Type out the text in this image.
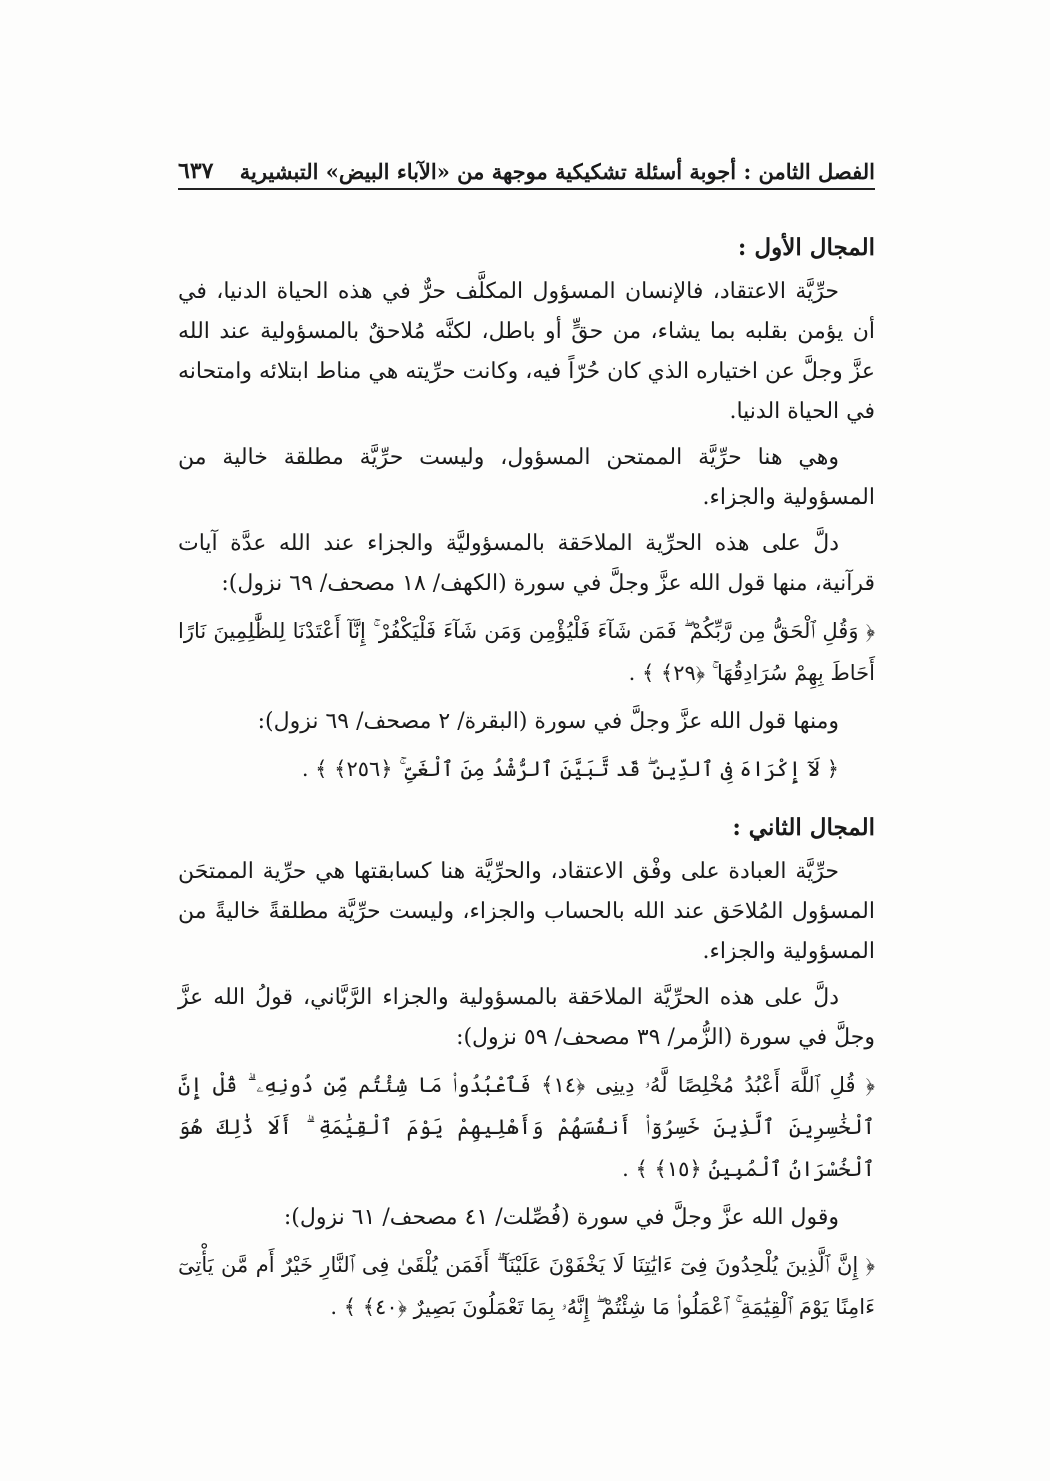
الفصل الثامن : أجوبة أسئلة تشكيكية موجهة من «الآباء البيض» التبشيرية
٦٣٧
المجال الأول :

حرِّيَّة الاعتقاد، فالإنسان المسؤول المكلَّف حرٌّ في هذه الحياة الدنيا، في أن يؤمن بقلبه بما يشاء، من حقٍّ أو باطل، لكنَّه مُلاحقٌ بالمسؤولية عند الله عزَّ وجلَّ عن اختياره الذي كان حُرّاً فيه، وكانت حرِّيته هي مناط ابتلائه وامتحانه في الحياة الدنيا.

وهي هنا حرِّيَّة الممتحن المسؤول، وليست حرِّيَّة مطلقة خالية من المسؤولية والجزاء.

دلَّ على هذه الحرِّية الملاحَقة بالمسؤوليَّة والجزاء عند الله عدَّة آيات قرآنية، منها قول الله عزَّ وجلَّ في سورة (الكهف/ ١٨ مصحف/ ٦٩ نزول):

﴿ وَقُلِ ٱلْحَقُّ مِن رَّبِّكُمْ ۖ فَمَن شَآءَ فَلْيُؤْمِن وَمَن شَآءَ فَلْيَكْفُرْ ۚ إِنَّآ أَعْتَدْنَا لِلظَّٰلِمِينَ نَارًا أَحَاطَ بِهِمْ سُرَادِقُهَا ۚ ﴿٢٩﴾ ﴾ .

ومنها قول الله عزَّ وجلَّ في سورة (البقرة/ ٢ مصحف/ ٦٩ نزول):

﴿ لَآ إِكْرَاهَ فِى ٱلدِّينِ ۖ قَد تَّبَيَّنَ ٱلرُّشْدُ مِنَ ٱلْغَىِّ ۚ ﴿٢٥٦﴾ ﴾ .

المجال الثاني :

حرِّيَّة العبادة على وفْق الاعتقاد، والحرِّيَّة هنا كسابقتها هي حرِّية الممتحَن المسؤول المُلاحَق عند الله بالحساب والجزاء، وليست حرِّيَّة مطلقةً خاليةً من المسؤولية والجزاء.

دلَّ على هذه الحرِّيَّة الملاحَقة بالمسؤولية والجزاء الرَّبَّاني، قولُ الله عزَّ وجلَّ في سورة (الزُّمر/ ٣٩ مصحف/ ٥٩ نزول):

﴿ قُلِ ٱللَّهَ أَعْبُدُ مُخْلِصًا لَّهُۥ دِينِى ﴿١٤﴾ فَٱعْبُدُوا۟ مَا شِئْتُم مِّن دُونِهِۦ ۗ قُلْ إِنَّ ٱلْخَٰسِرِينَ ٱلَّذِينَ خَسِرُوٓا۟ أَنفُسَهُمْ وَأَهْلِيهِمْ يَوْمَ ٱلْقِيَٰمَةِ ۗ أَلَا ذَٰلِكَ هُوَ ٱلْخُسْرَانُ ٱلْمُبِينُ ﴿١٥﴾ ﴾ .

وقول الله عزَّ وجلَّ في سورة (فُصِّلت/ ٤١ مصحف/ ٦١ نزول):

﴿ إِنَّ ٱلَّذِينَ يُلْحِدُونَ فِىٓ ءَايَٰتِنَا لَا يَخْفَوْنَ عَلَيْنَآ ۗ أَفَمَن يُلْقَىٰ فِى ٱلنَّارِ خَيْرٌ أَم مَّن يَأْتِىٓ ءَامِنًا يَوْمَ ٱلْقِيَٰمَةِ ۚ ٱعْمَلُوا۟ مَا شِئْتُمْ ۖ إِنَّهُۥ بِمَا تَعْمَلُونَ بَصِيرٌ ﴿٤٠﴾ ﴾ .
